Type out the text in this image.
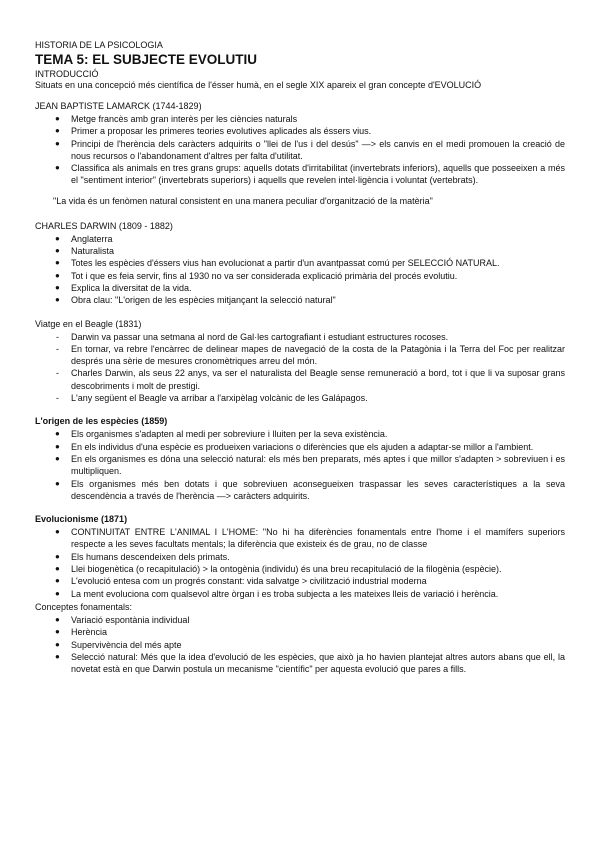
HISTORIA DE LA PSICOLOGIA
TEMA 5: EL SUBJECTE EVOLUTIU
INTRODUCCIÓ
Situats en una concepció més científica de l'ésser humà, en el segle XIX apareix el gran concepte d'EVOLUCIÓ
JEAN BAPTISTE LAMARCK (1744-1829)
● Metge francès amb gran interès per les ciències naturals
● Primer a proposar les primeres teories evolutives aplicades als éssers vius.
● Principi de l'herència dels caràcters adquirits o "llei de l'us i del desús" —> els canvis en el medi promouen la creació de nous recursos o l'abandonament d'altres per falta d'utilitat.
● Classifica als animals en tres grans grups: aquells dotats d'irritabilitat (invertebrats inferiors), aquells que posseeixen a més el "sentiment interior" (invertebrats superiors) i aquells que revelen intel·ligència i voluntat (vertebrats).
"La vida és un fenòmen natural consistent en una manera peculiar d'organització de la matèria"
CHARLES DARWIN (1809 - 1882)
● Anglaterra
● Naturalista
● Totes les espècies d'éssers vius han evolucionat a partir d'un avantpassat comú per SELECCIÓ NATURAL.
● Tot i que es feia servir, fins al 1930 no va ser considerada explicació primària del procés evolutiu.
● Explica la diversitat de la vida.
● Obra clau: "L'origen de les espècies mitjançant la selecció natural"
Viatge en el Beagle (1831)
- Darwin va passar una setmana al nord de Gal·les cartografiant i estudiant estructures rocoses.
- En tornar, va rebre l'encàrrec de delinear mapes de navegació de la costa de la Patagònia i la Terra del Foc per realitzar després una sèrie de mesures cronomètriques arreu del món.
- Charles Darwin, als seus 22 anys, va ser el naturalista del Beagle sense remuneració a bord, tot i que li va suposar grans descobriments i molt de prestigi.
- L'any següent el Beagle va arribar a l'arxipèlag volcànic de les Galápagos.
L'origen de les espècies (1859)
● Els organismes s'adapten al medi per sobreviure i lluiten per la seva existència.
● En els individus d'una espècie es produeixen variacions o diferències que els ajuden a adaptar-se millor a l'ambient.
● En els organismes es dóna una selecció natural: els més ben preparats, més aptes i que millor s'adapten > sobreviuen i es multipliquen.
● Els organismes més ben dotats i que sobreviuen aconsegueixen traspassar les seves característiques a la seva descendència a través de l'herència —> caràcters adquirits.
Evolucionisme (1871)
● CONTINUITAT ENTRE L'ANIMAL I L'HOME: "No hi ha diferències fonamentals entre l'home i el mamífers superiors respecte a les seves facultats mentals; la diferència que existeix és de grau, no de classe
● Els humans descendeixen dels primats.
● Llei biogenètica (o recapitulació) > la ontogènia (individu) és una breu recapitulació de la filogènia (espècie).
● L'evolució entesa com un progrés constant: vida salvatge > civilització industrial moderna
● La ment evoluciona com qualsevol altre òrgan i es troba subjecta a les mateixes lleis de variació i herència.
Conceptes fonamentals:
● Variació espontània individual
● Herència
● Supervivència del més apte
● Selecció natural: Més que la idea d'evolució de les espècies, que això ja ho havien plantejat altres autors abans que ell, la novetat està en que Darwin postula un mecanisme "científic" per aquesta evolució que pares a fills.
